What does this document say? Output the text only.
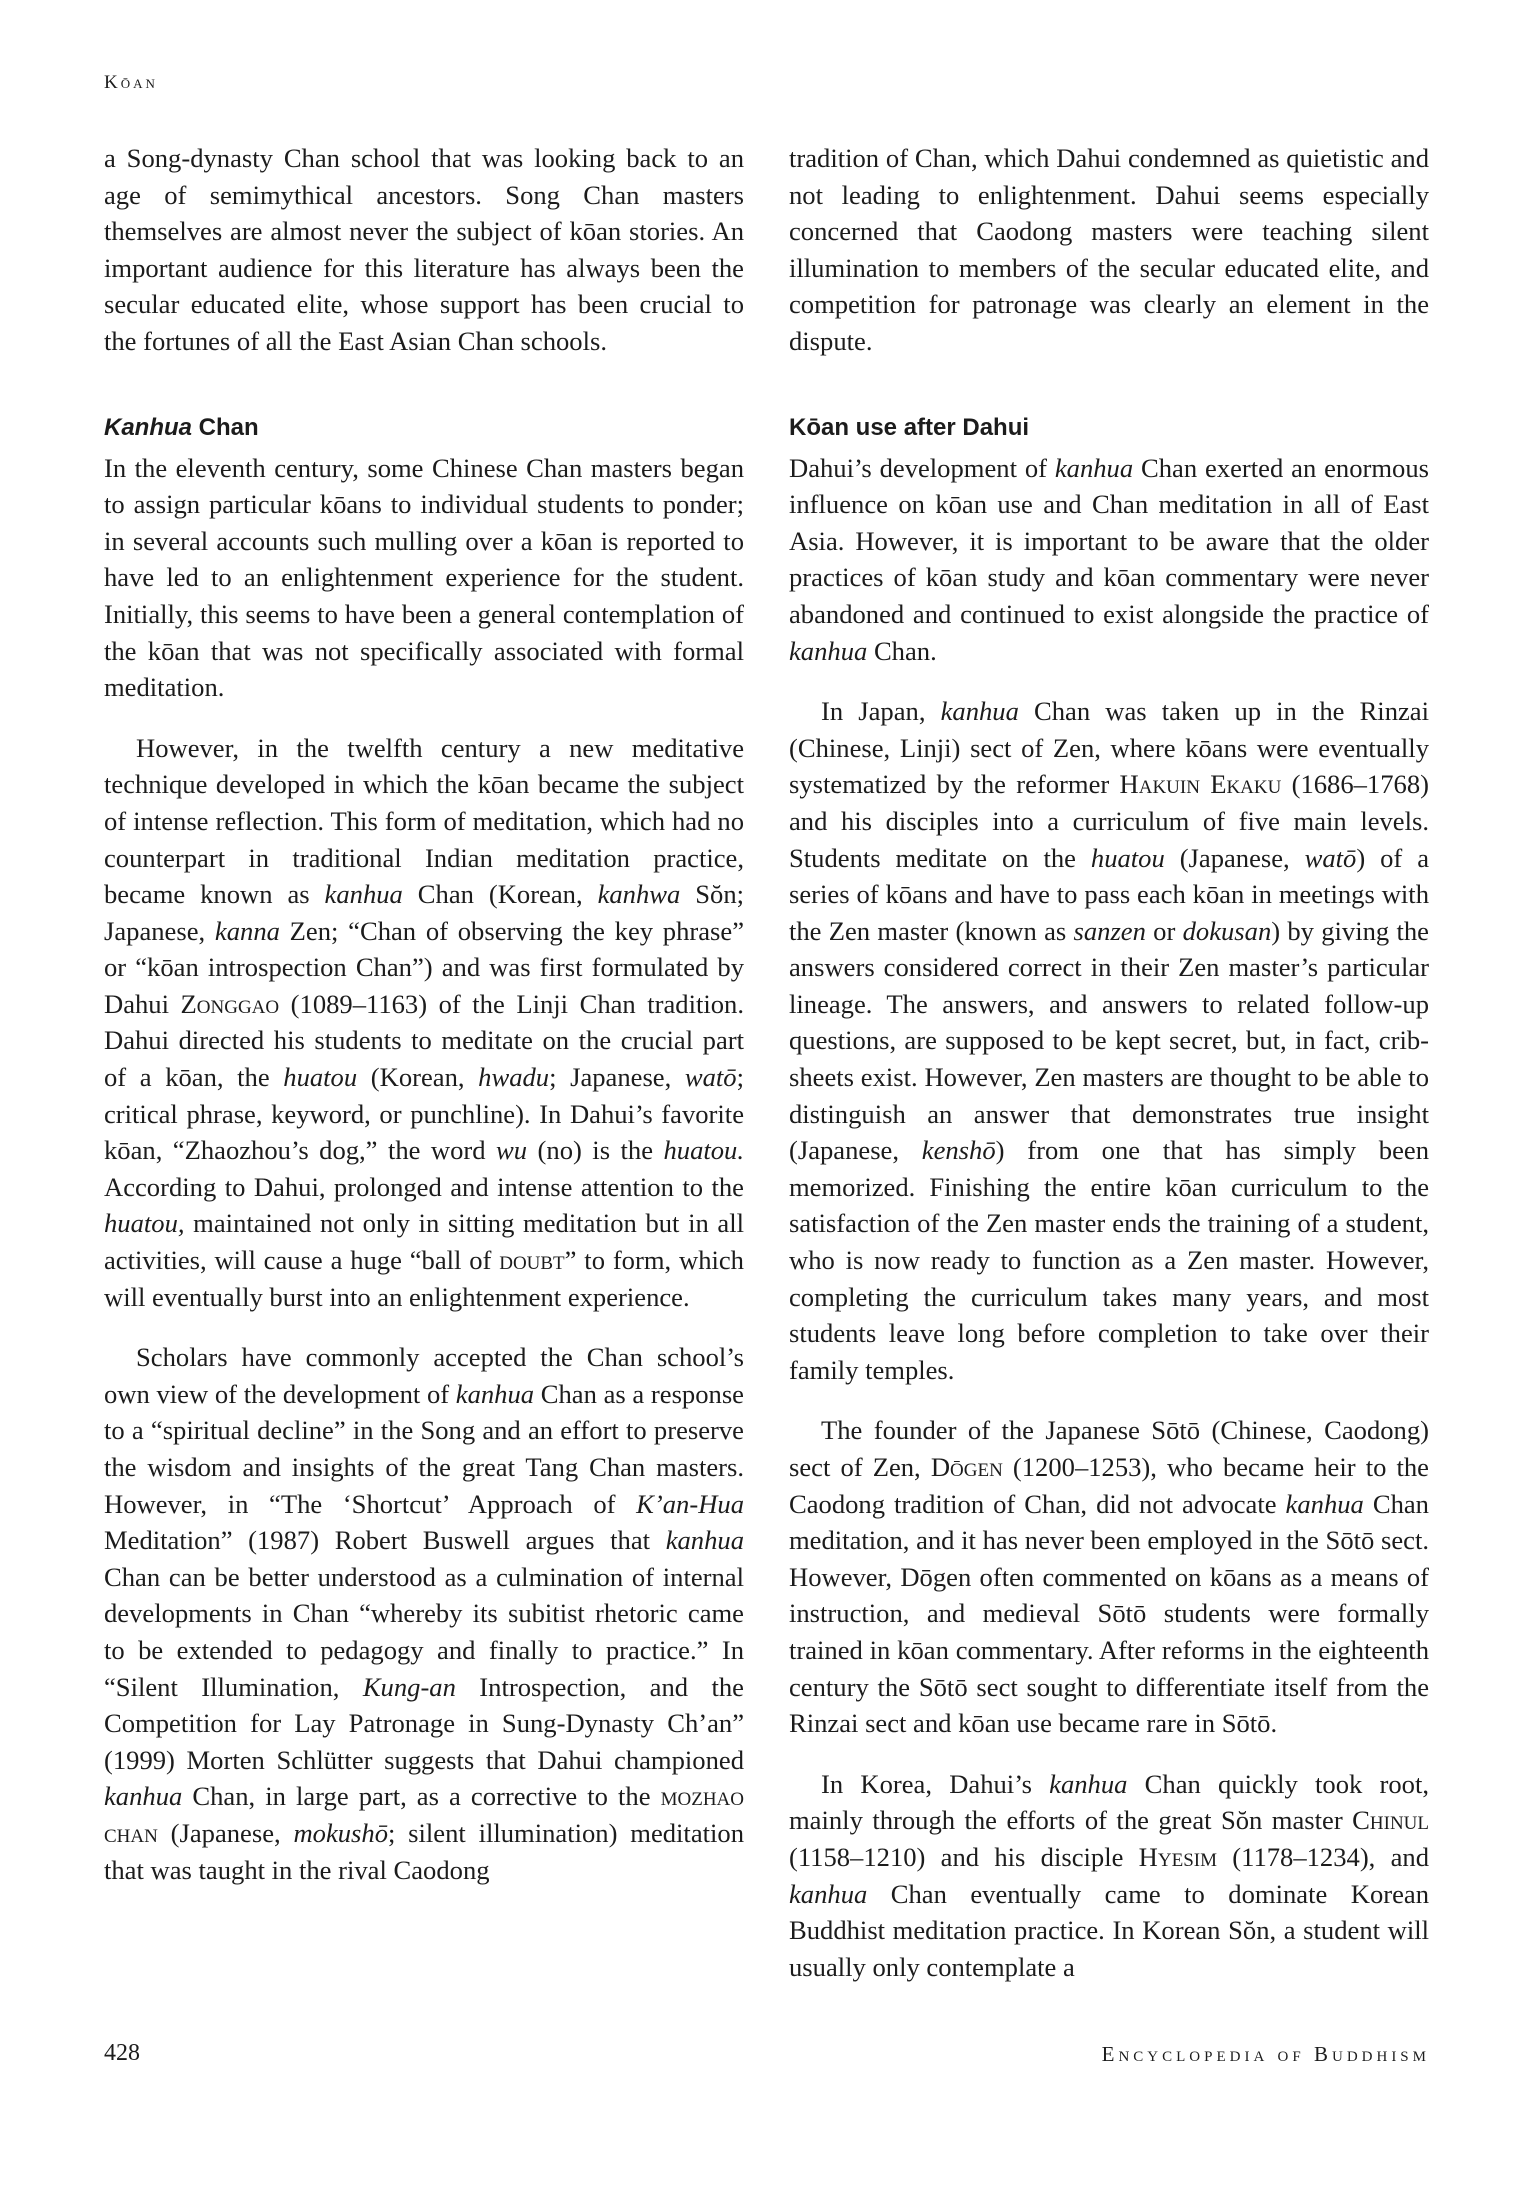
Kōan

a Song-dynasty Chan school that was looking back to an age of semimythical ancestors. Song Chan masters themselves are almost never the subject of kōan stories. An important audience for this literature has always been the secular educated elite, whose support has been crucial to the fortunes of all the East Asian Chan schools.

Kanhua Chan

In the eleventh century, some Chinese Chan masters began to assign particular kōans to individual students to ponder; in several accounts such mulling over a kōan is reported to have led to an enlightenment experience for the student. Initially, this seems to have been a general contemplation of the kōan that was not specifically associated with formal meditation.

However, in the twelfth century a new meditative technique developed in which the kōan became the subject of intense reflection. This form of meditation, which had no counterpart in traditional Indian meditation practice, became known as kanhua Chan (Korean, kanhwa Sŏn; Japanese, kanna Zen; “Chan of observing the key phrase” or “kōan introspection Chan”) and was first formulated by Dahui Zonggao (1089–1163) of the Linji Chan tradition. Dahui directed his students to meditate on the crucial part of a kōan, the huatou (Korean, hwadu; Japanese, watō; critical phrase, keyword, or punchline). In Dahui’s favorite kōan, “Zhaozhou’s dog,” the word wu (no) is the huatou. According to Dahui, prolonged and intense attention to the huatou, maintained not only in sitting meditation but in all activities, will cause a huge “ball of doubt” to form, which will eventually burst into an enlightenment experience.

Scholars have commonly accepted the Chan school’s own view of the development of kanhua Chan as a response to a “spiritual decline” in the Song and an effort to preserve the wisdom and insights of the great Tang Chan masters. However, in “The ‘Shortcut’ Approach of K’an-Hua Meditation” (1987) Robert Buswell argues that kanhua Chan can be better understood as a culmination of internal developments in Chan “whereby its subitist rhetoric came to be extended to pedagogy and finally to practice.” In “Silent Illumination, Kung-an Introspection, and the Competition for Lay Patronage in Sung-Dynasty Ch’an” (1999) Morten Schlütter suggests that Dahui championed kanhua Chan, in large part, as a corrective to the mozhao chan (Japanese, mokushō; silent illumination) meditation that was taught in the rival Caodong

tradition of Chan, which Dahui condemned as quietistic and not leading to enlightenment. Dahui seems especially concerned that Caodong masters were teaching silent illumination to members of the secular educated elite, and competition for patronage was clearly an element in the dispute.

Kōan use after Dahui

Dahui’s development of kanhua Chan exerted an enormous influence on kōan use and Chan meditation in all of East Asia. However, it is important to be aware that the older practices of kōan study and kōan commentary were never abandoned and continued to exist alongside the practice of kanhua Chan.

In Japan, kanhua Chan was taken up in the Rinzai (Chinese, Linji) sect of Zen, where kōans were eventually systematized by the reformer Hakuin Ekaku (1686–1768) and his disciples into a curriculum of five main levels. Students meditate on the huatou (Japanese, watō) of a series of kōans and have to pass each kōan in meetings with the Zen master (known as sanzen or dokusan) by giving the answers considered correct in their Zen master’s particular lineage. The answers, and answers to related follow-up questions, are supposed to be kept secret, but, in fact, crib-sheets exist. However, Zen masters are thought to be able to distinguish an answer that demonstrates true insight (Japanese, kenshō) from one that has simply been memorized. Finishing the entire kōan curriculum to the satisfaction of the Zen master ends the training of a student, who is now ready to function as a Zen master. However, completing the curriculum takes many years, and most students leave long before completion to take over their family temples.

The founder of the Japanese Sōtō (Chinese, Caodong) sect of Zen, Dōgen (1200–1253), who became heir to the Caodong tradition of Chan, did not advocate kanhua Chan meditation, and it has never been employed in the Sōtō sect. However, Dōgen often commented on kōans as a means of instruction, and medieval Sōtō students were formally trained in kōan commentary. After reforms in the eighteenth century the Sōtō sect sought to differentiate itself from the Rinzai sect and kōan use became rare in Sōtō.

In Korea, Dahui’s kanhua Chan quickly took root, mainly through the efforts of the great Sŏn master Chinul (1158–1210) and his disciple Hyesim (1178–1234), and kanhua Chan eventually came to dominate Korean Buddhist meditation practice. In Korean Sŏn, a student will usually only contemplate a

428	Encyclopedia of Buddhism
